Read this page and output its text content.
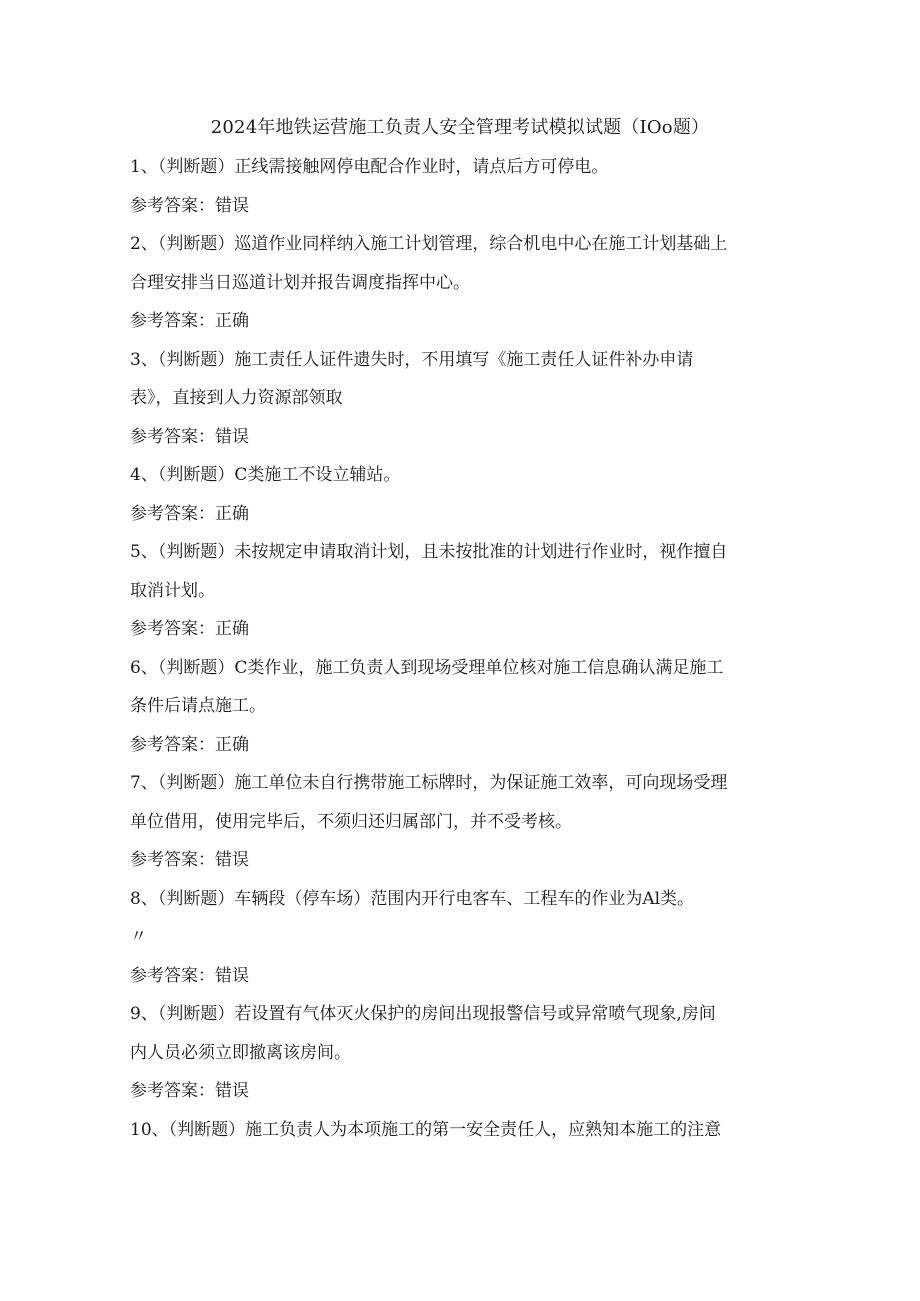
2024年地铁运营施工负责人安全管理考试模拟试题（IOo题）
1、（判断题）正线需接触网停电配合作业时，请点后方可停电。
参考答案：错误
2、（判断题）巡道作业同样纳入施工计划管理，综合机电中心在施工计划基础上
合理安排当日巡道计划并报告调度指挥中心。
参考答案：正确
3、（判断题）施工责任人证件遗失时，不用填写《施工责任人证件补办申请
表》，直接到人力资源部领取
参考答案：错误
4、（判断题）C类施工不设立辅站。
参考答案：正确
5、（判断题）未按规定申请取消计划，且未按批准的计划进行作业时，视作擅自
取消计划。
参考答案：正确
6、（判断题）C类作业，施工负责人到现场受理单位核对施工信息确认满足施工
条件后请点施工。
参考答案：正确
7、（判断题）施工单位未自行携带施工标牌时，为保证施工效率，可向现场受理
单位借用，使用完毕后，不须归还归属部门，并不受考核。
参考答案：错误
8、（判断题）车辆段（停车场）范围内开行电客车、工程车的作业为Al类。
〃
参考答案：错误
9、（判断题）若设置有气体灭火保护的房间出现报警信号或异常喷气现象,房间
内人员必须立即撤离该房间。
参考答案：错误
10、（判断题）施工负责人为本项施工的第一安全责任人，应熟知本施工的注意
